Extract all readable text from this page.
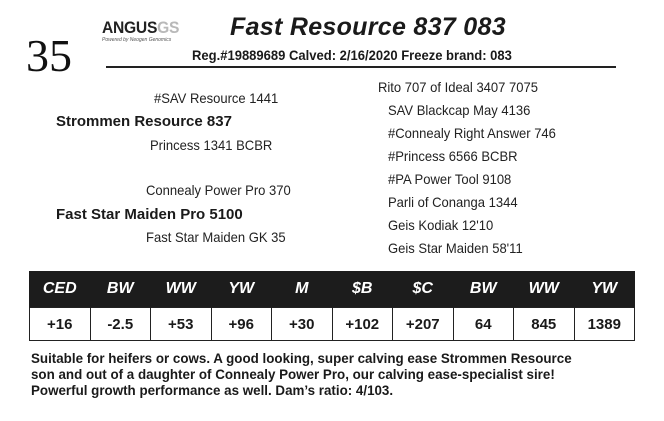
35
ANGUSGS
Powered by Neogen Genomics	Fast Resource 837 083
Reg.#19889689 Calved: 2/16/2020 Freeze brand: 083
#SAV Resource 1441
Strommen Resource 837
Princess 1341 BCBR
Connealy Power Pro 370
Fast Star Maiden Pro 5100
Fast Star Maiden GK 35
Rito 707 of Ideal 3407 7075
SAV Blackcap May 4136
#Connealy Right Answer 746
#Princess 6566 BCBR
#PA Power Tool 9108
Parli of Conanga 1344
Geis Kodiak 12'10
Geis Star Maiden 58'11
CED	BW	WW	YW	M	$B	$C	BW	WW	YW
+16	-2.5	+53	+96	+30	+102	+207	64	845	1389
Suitable for heifers or cows. A good looking, super calving ease Strommen Resource
son and out of a daughter of Connealy Power Pro, our calving ease-specialist sire!
Powerful growth performance as well. Dam’s ratio: 4/103.
